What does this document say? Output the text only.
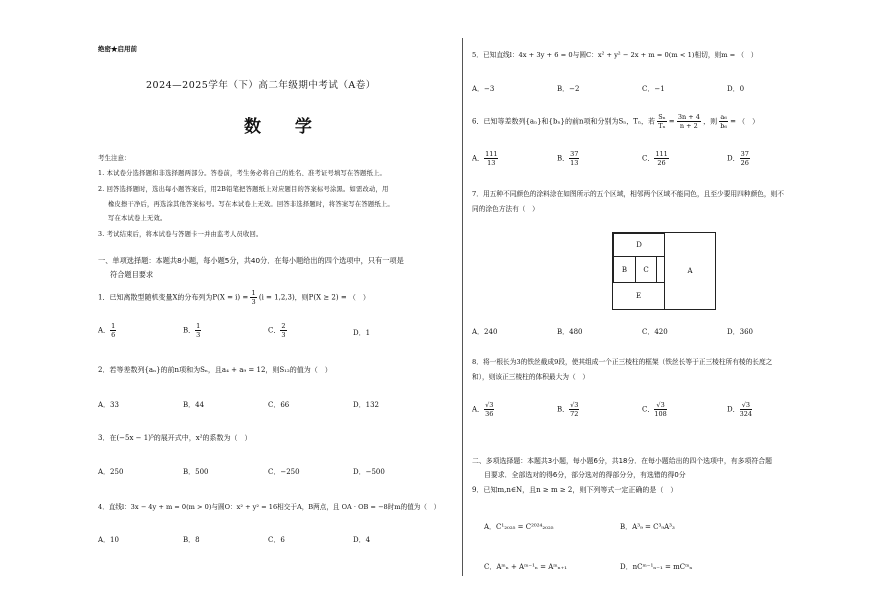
绝密★启用前
2024—2025学年（下）高二年级期中考试（A卷）
数 学
考生注意：
1. 本试卷分选择题和非选择题两部分。答卷前，考生务必将自己的姓名、准考证号填写在答题纸上。
2. 回答选择题时，选出每小题答案后，用2B铅笔把答题纸上对应题目的答案标号涂黑。如需改动，用
橡皮擦干净后，再选涂其他答案标号。写在本试卷上无效。回答非选择题时，将答案写在答题纸上。
写在本试卷上无效。
3. 考试结束后，将本试卷与答题卡一并由监考人员收回。
一、单项选择题：本题共8小题，每小题5分，共40分．在每小题给出的四个选项中，只有一项是
符合题目要求
1．已知离散型随机变量X的分布列为$P(X = i) = \frac{1}{3} (i = 1,2,3)$，则P(X ≥ 2) = （　）
A． $\frac{1}{6}$	B． $\frac{1}{3}$	C． $\frac{2}{3}$	D．1
2．若等差数列{aₙ}的前n项和为Sₙ，且a₄ + a₉ = 12，则S₁₂的值为（　）
A．33	B．44	C．66	D．132
3．在(−5x − 1)⁵的展开式中，x²的系数为（　）
A．250	B．500	C．−250	D．−500
4．直线l：3x − 4y + m = 0(m > 0)与圆O：x² + y² = 16相交于A，B两点，且 OA · OB = −8时m的值为（　）
A．10	B．8	C．6	D．4
5．已知直线l：4x + 3y + 6 = 0与圆C：x² + y² − 2x + m = 0(m < 1)相切，则m = （　）
A．−3	B．−2	C．−1	D．0
6．已知等差数列{aₙ}和{bₙ}的前n项和分别为Sₙ，Tₙ，若 $\frac{\text{Sₙ}}{\text{Tₙ}} = \frac{3n + 4}{n + 2}$ ，则 $\frac{\text{a₆}}{\text{b₆}}$ = （　）
A． $\frac{111}{13}$	B． $\frac{37}{13}$	C． $\frac{111}{26}$	D． $\frac{37}{26}$
7．用五种不同颜色的涂料涂在如图所示的五个区域，相邻两个区域不能同色，且至少要用四种颜色，则不
同的涂色方法有（　）
D
B	C	A
E
A．240	B．480	C．420	D．360
8．将一根长为3的铁丝截成9段，使其组成一个正三棱柱的框架（铁丝长等于正三棱柱所有棱的长度之
和），则该正三棱柱的体积最大为（　）
A． $\frac{√3}{36}$	B． $\frac{√3}{72}$	C． $\frac{√3}{108}$	D． $\frac{√3}{324}$
二、多项选择题：本题共3小题，每小题6分，共18分．在每小题给出的四个选项中，有多项符合题
目要求．全部选对的得6分，部分选对的得部分分，有选错的得0分
9．已知m,n∈N，且n ≥ m ≥ 2，则下列等式一定正确的是（　）
A．C¹₂₀₂₅ = C²⁰²⁴₂₀₂₅	B．A³₉ = C³₉A³₃
C．Aᵐₙ + Aᵐ⁻¹ₙ = Aᵐₙ₊₁	D．nCᵐ⁻¹ₙ₋₁ = mCᵐₙ
